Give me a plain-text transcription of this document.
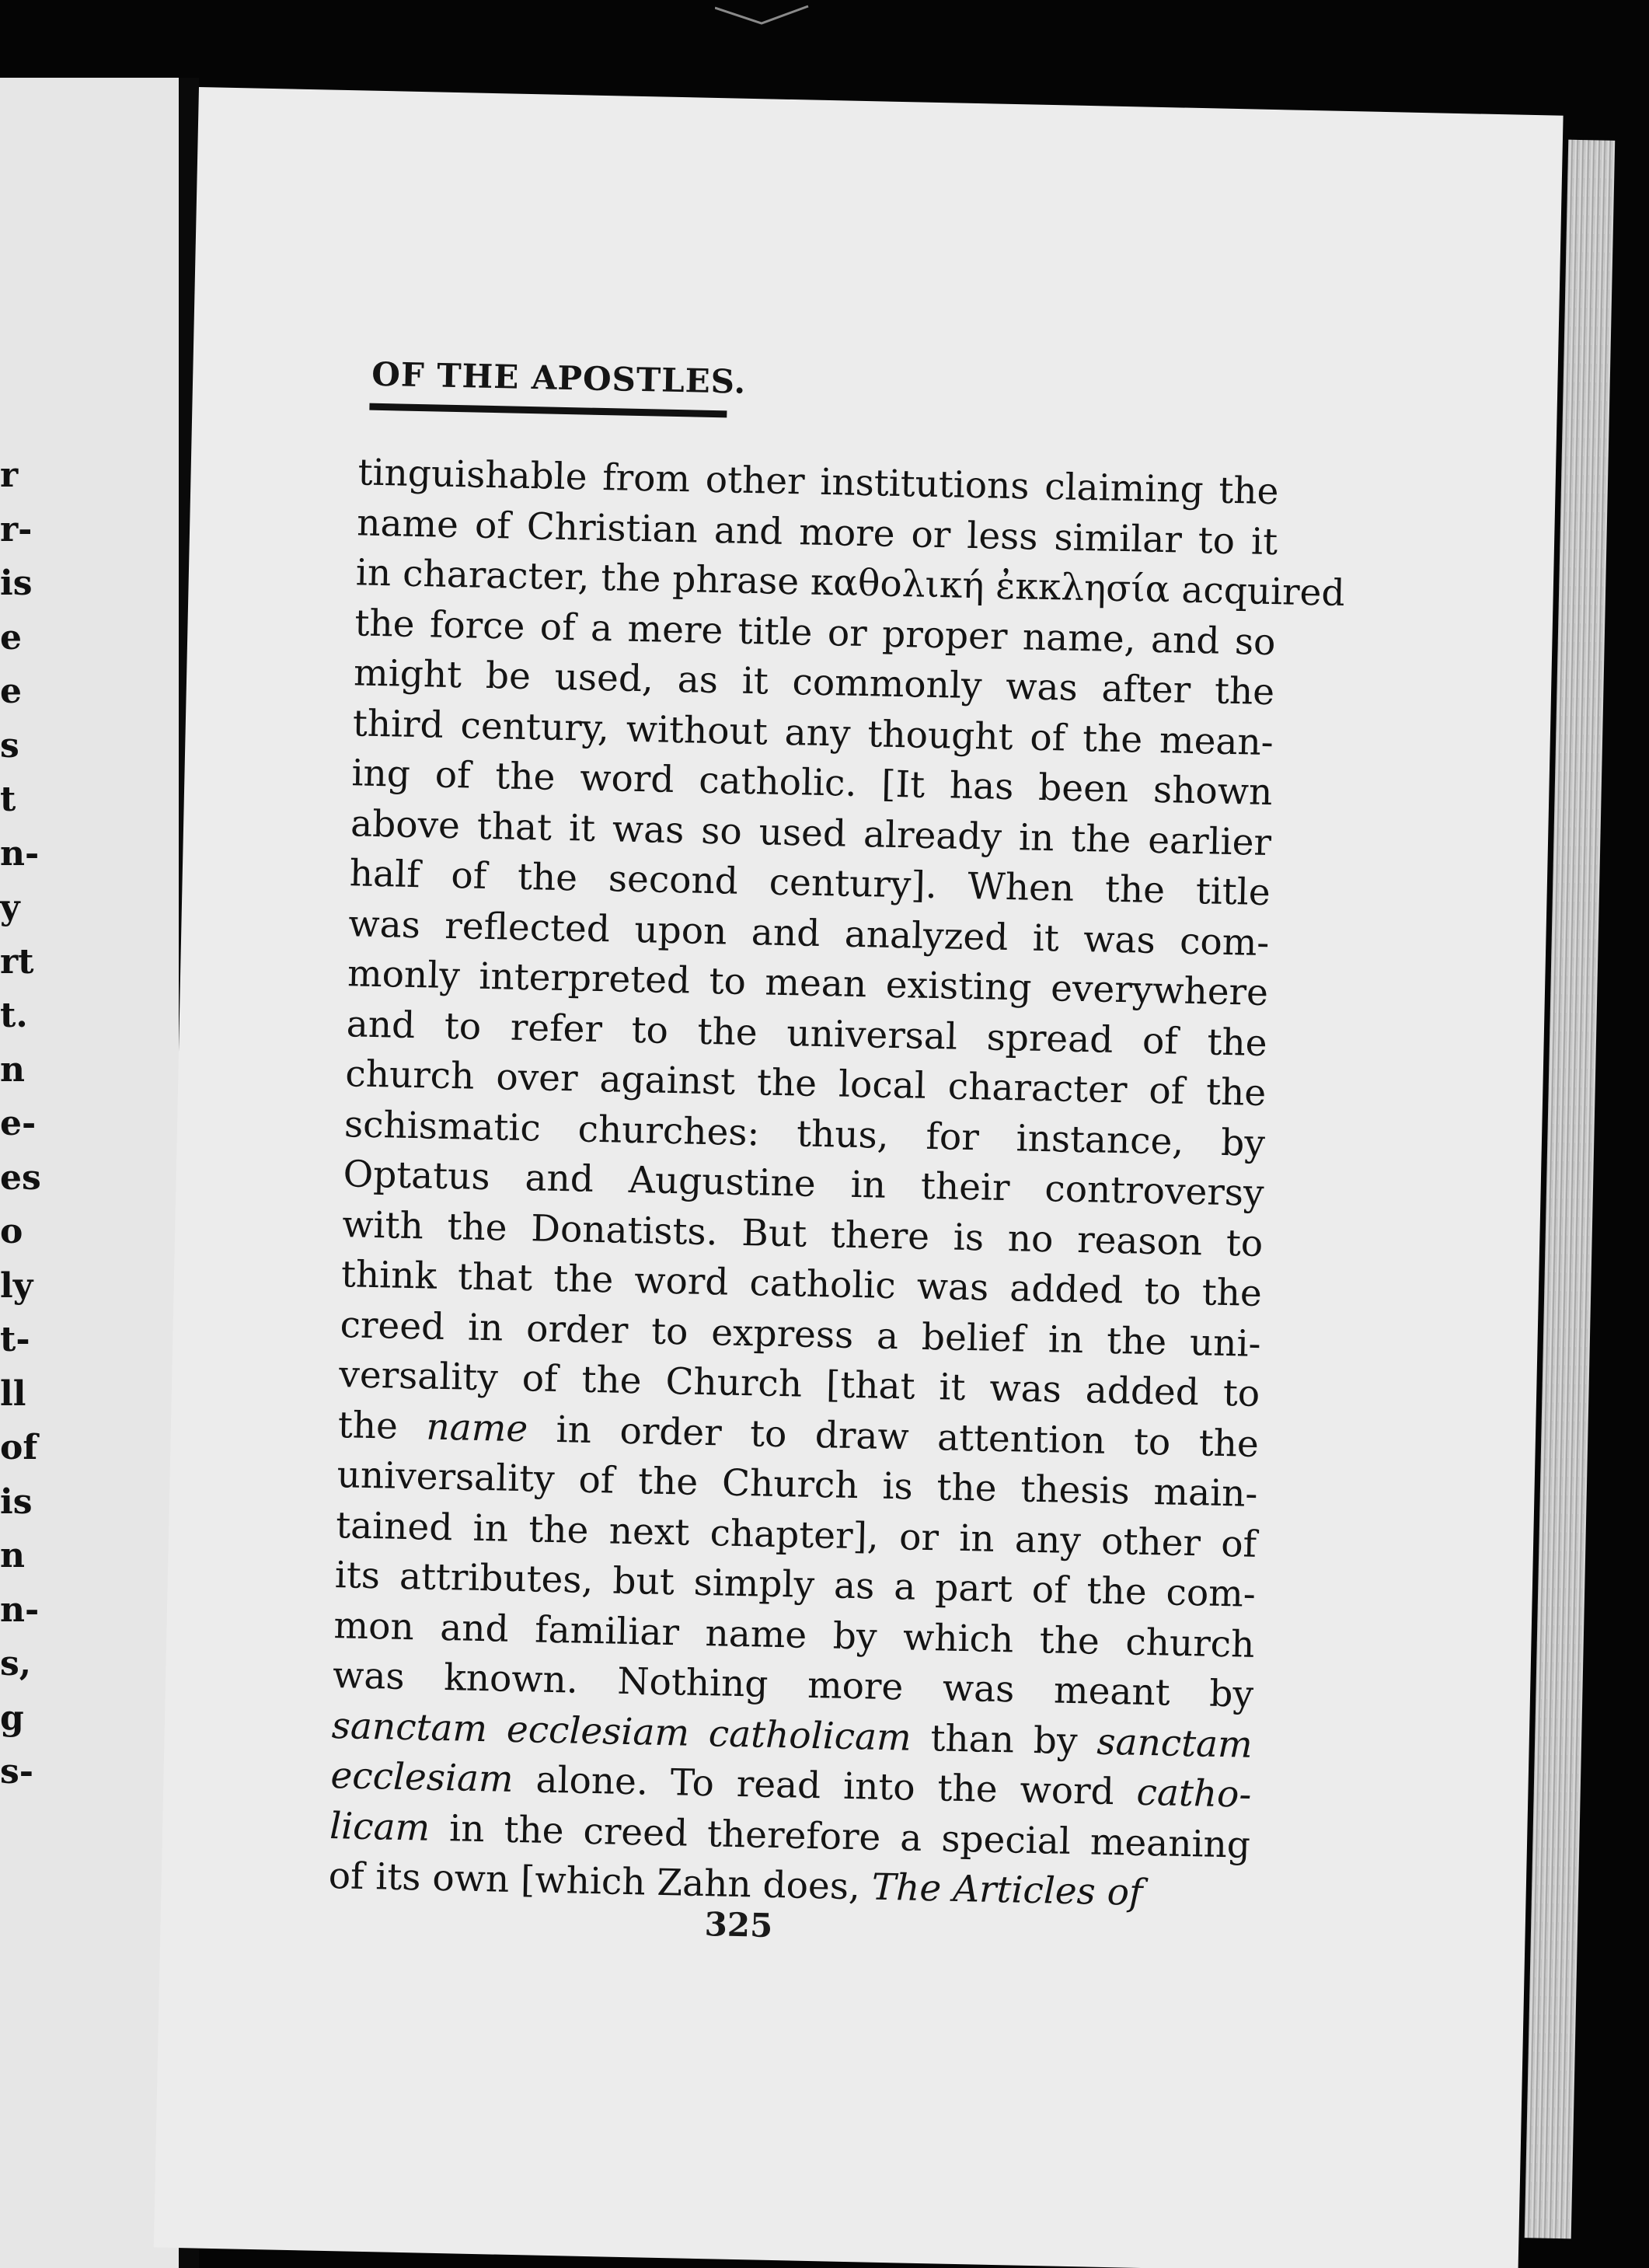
r
r-
is
e
e
s
t
n-
y
rt
t.
n
e-
es
o
ly
t-
ll
of
is
n
n-
s,
g
s-
OF THE APOSTLES.
tinguishable from other institutions claiming the
name of Christian and more or less similar to it
in character, the phrase καθολική ἐκκλησία acquired
the force of a mere title or proper name, and so
might be used, as it commonly was after the
third century, without any thought of the mean-
ing of the word catholic. [It has been shown
above that it was so used already in the earlier
half of the second century]. When the title
was reflected upon and analyzed it was com-
monly interpreted to mean existing everywhere
and to refer to the universal spread of the
church over against the local character of the
schismatic churches: thus, for instance, by
Optatus and Augustine in their controversy
with the Donatists. But there is no reason to
think that the word catholic was added to the
creed in order to express a belief in the uni-
versality of the Church [that it was added to
the name in order to draw attention to the
universality of the Church is the thesis main-
tained in the next chapter], or in any other of
its attributes, but simply as a part of the com-
mon and familiar name by which the church
was known. Nothing more was meant by
sanctam ecclesiam catholicam than by sanctam
ecclesiam alone. To read into the word catho-
licam in the creed therefore a special meaning
of its own [which Zahn does, The Articles of
325
